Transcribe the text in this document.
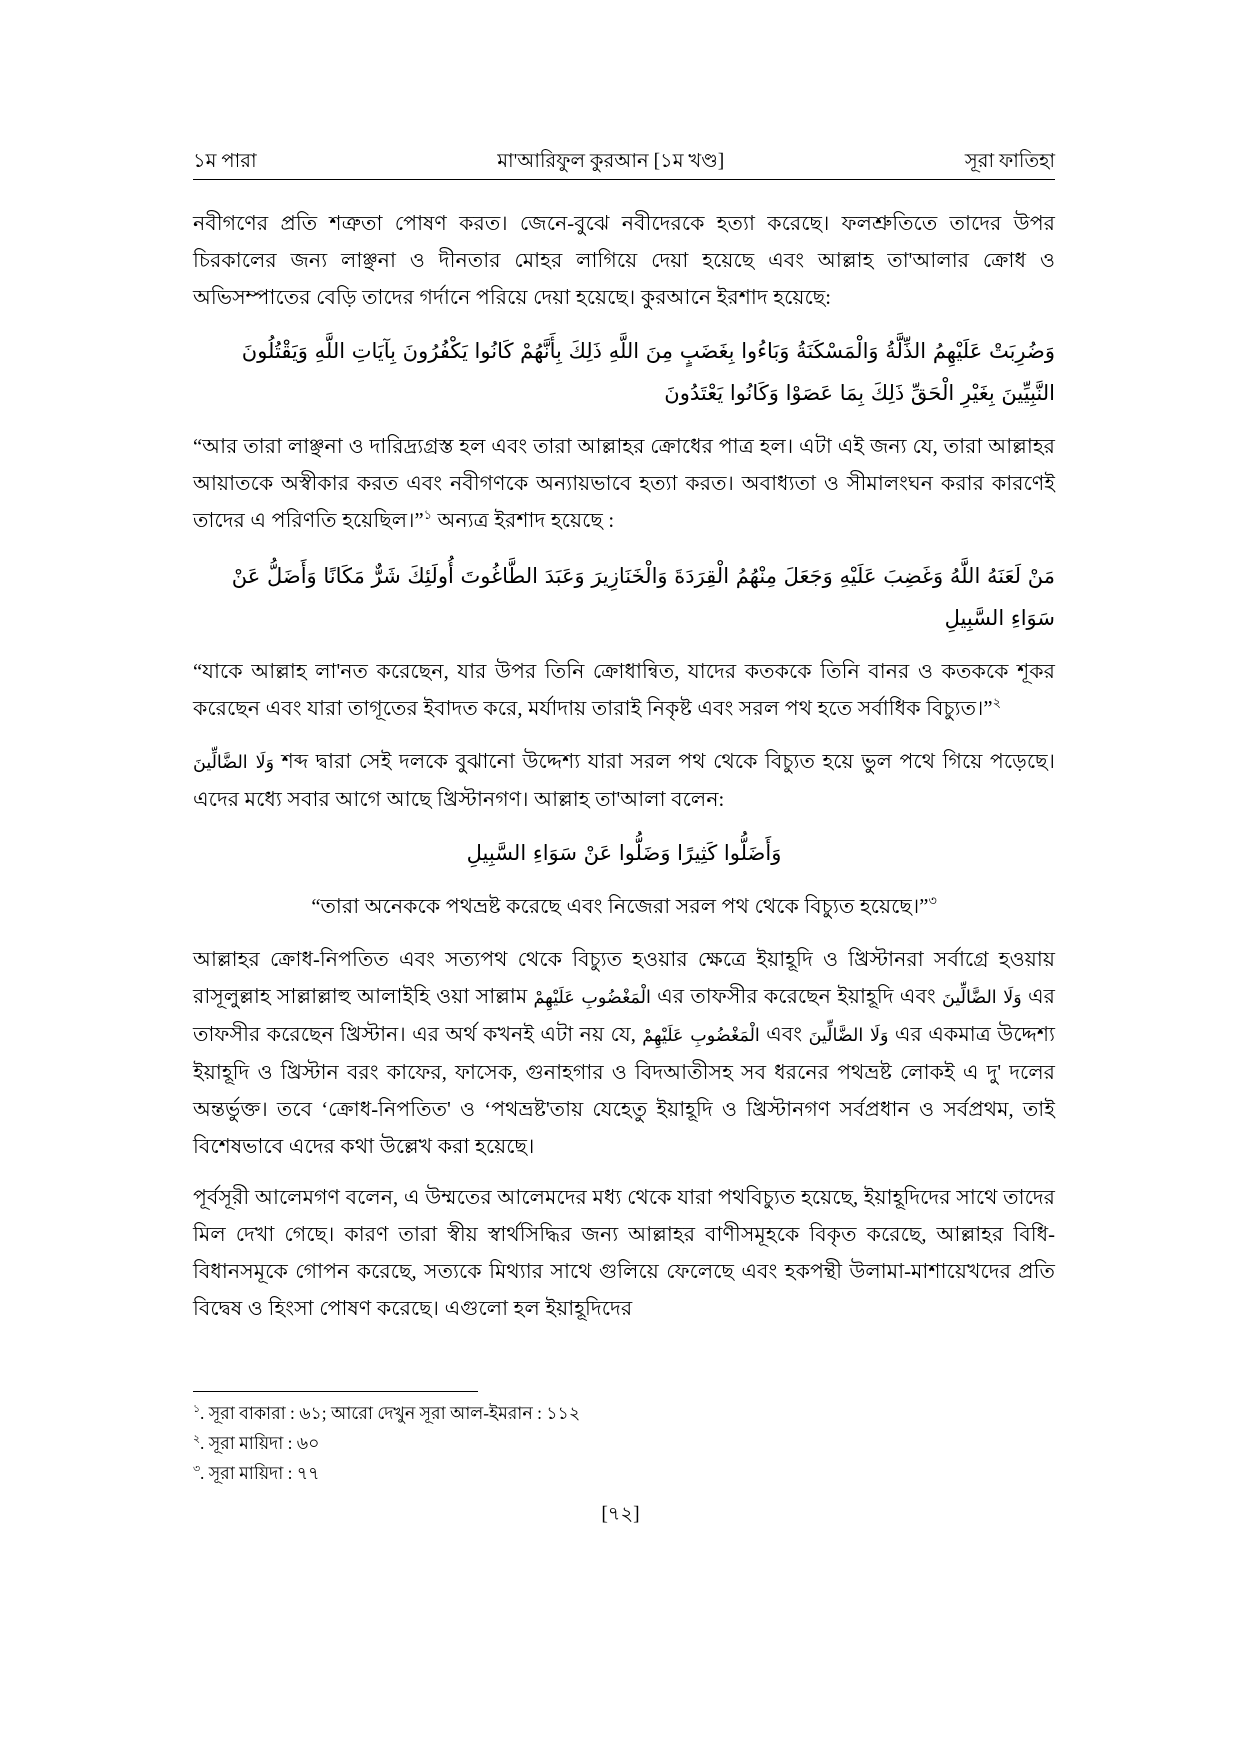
১ম পারা	মা'আরিফুল কুরআন [১ম খণ্ড]	সূরা ফাতিহা

নবীগণের প্রতি শত্রুতা পোষণ করত। জেনে-বুঝে নবীদেরকে হত্যা করেছে। ফলশ্রুতিতে তাদের উপর চিরকালের জন্য লাঞ্ছনা ও দীনতার মোহর লাগিয়ে দেয়া হয়েছে এবং আল্লাহ তা'আলার ক্রোধ ও অভিসম্পাতের বেড়ি তাদের গর্দানে পরিয়ে দেয়া হয়েছে। কুরআনে ইরশাদ হয়েছে:

وَضُرِبَتْ عَلَيْهِمُ الذِّلَّةُ وَالْمَسْكَنَةُ وَبَاءُوا بِغَضَبٍ مِنَ اللَّهِ ذَلِكَ بِأَنَّهُمْ كَانُوا يَكْفُرُونَ بِآيَاتِ اللَّهِ وَيَقْتُلُونَ
النَّبِيِّينَ بِغَيْرِ الْحَقِّ ذَلِكَ بِمَا عَصَوْا وَكَانُوا يَعْتَدُونَ

“আর তারা লাঞ্ছনা ও দারিদ্র্যগ্রস্ত হল এবং তারা আল্লাহর ক্রোধের পাত্র হল। এটা এই জন্য যে, তারা আল্লাহর আয়াতকে অস্বীকার করত এবং নবীগণকে অন্যায়ভাবে হত্যা করত। অবাধ্যতা ও সীমালংঘন করার কারণেই তাদের এ পরিণতি হয়েছিল।”$^১$ অন্যত্র ইরশাদ হয়েছে :

مَنْ لَعَنَهُ اللَّهُ وَغَضِبَ عَلَيْهِ وَجَعَلَ مِنْهُمُ الْقِرَدَةَ وَالْخَنَازِيرَ وَعَبَدَ الطَّاغُوتَ أُولَئِكَ شَرٌّ مَكَانًا وَأَضَلُّ عَنْ
سَوَاءِ السَّبِيلِ

“যাকে আল্লাহ লা'নত করেছেন, যার উপর তিনি ক্রোধান্বিত, যাদের কতককে তিনি বানর ও কতককে শূকর করেছেন এবং যারা তাগূতের ইবাদত করে, মর্যাদায় তারাই নিকৃষ্ট এবং সরল পথ হতে সর্বাধিক বিচ্যুত।”$^২$

وَلَا الضَّالِّينَ শব্দ দ্বারা সেই দলকে বুঝানো উদ্দেশ্য যারা সরল পথ থেকে বিচ্যুত হয়ে ভুল পথে গিয়ে পড়েছে। এদের মধ্যে সবার আগে আছে খ্রিস্টানগণ। আল্লাহ তা'আলা বলেন:

وَأَضَلُّوا كَثِيرًا وَضَلُّوا عَنْ سَوَاءِ السَّبِيلِ

“তারা অনেককে পথভ্রষ্ট করেছে এবং নিজেরা সরল পথ থেকে বিচ্যুত হয়েছে।”$^৩$

আল্লাহর ক্রোধ-নিপতিত এবং সত্যপথ থেকে বিচ্যুত হওয়ার ক্ষেত্রে ইয়াহূদি ও খ্রিস্টানরা সর্বাগ্রে হওয়ায় রাসূলুল্লাহ সাল্লাল্লাহু আলাইহি ওয়া সাল্লাম الْمَغْضُوبِ عَلَيْهِمْ এর তাফসীর করেছেন ইয়াহূদি এবং وَلَا الضَّالِّينَ এর তাফসীর করেছেন খ্রিস্টান। এর অর্থ কখনই এটা নয় যে, الْمَغْضُوبِ عَلَيْهِمْ এবং وَلَا الضَّالِّينَ এর একমাত্র উদ্দেশ্য ইয়াহূদি ও খ্রিস্টান বরং কাফের, ফাসেক, গুনাহগার ও বিদআতীসহ সব ধরনের পথভ্রষ্ট লোকই এ দু' দলের অন্তর্ভুক্ত। তবে ‘ক্রোধ-নিপতিত' ও ‘পথভ্রষ্ট'তায় যেহেতু ইয়াহূদি ও খ্রিস্টানগণ সর্বপ্রধান ও সর্বপ্রথম, তাই বিশেষভাবে এদের কথা উল্লেখ করা হয়েছে।

পূর্বসূরী আলেমগণ বলেন, এ উম্মতের আলেমদের মধ্য থেকে যারা পথবিচ্যুত হয়েছে, ইয়াহূদিদের সাথে তাদের মিল দেখা গেছে। কারণ তারা স্বীয় স্বার্থসিদ্ধির জন্য আল্লাহর বাণীসমূহকে বিকৃত করেছে, আল্লাহর বিধি-বিধানসমূকে গোপন করেছে, সত্যকে মিথ্যার সাথে গুলিয়ে ফেলেছে এবং হকপন্থী উলামা-মাশায়েখদের প্রতি বিদ্বেষ ও হিংসা পোষণ করেছে। এগুলো হল ইয়াহূদিদের

$^১$. সূরা বাকারা : ৬১; আরো দেখুন সূরা আল-ইমরান : ১১২

$^২$. সূরা মায়িদা : ৬০

$^৩$. সূরা মায়িদা : ৭৭

[৭২]
